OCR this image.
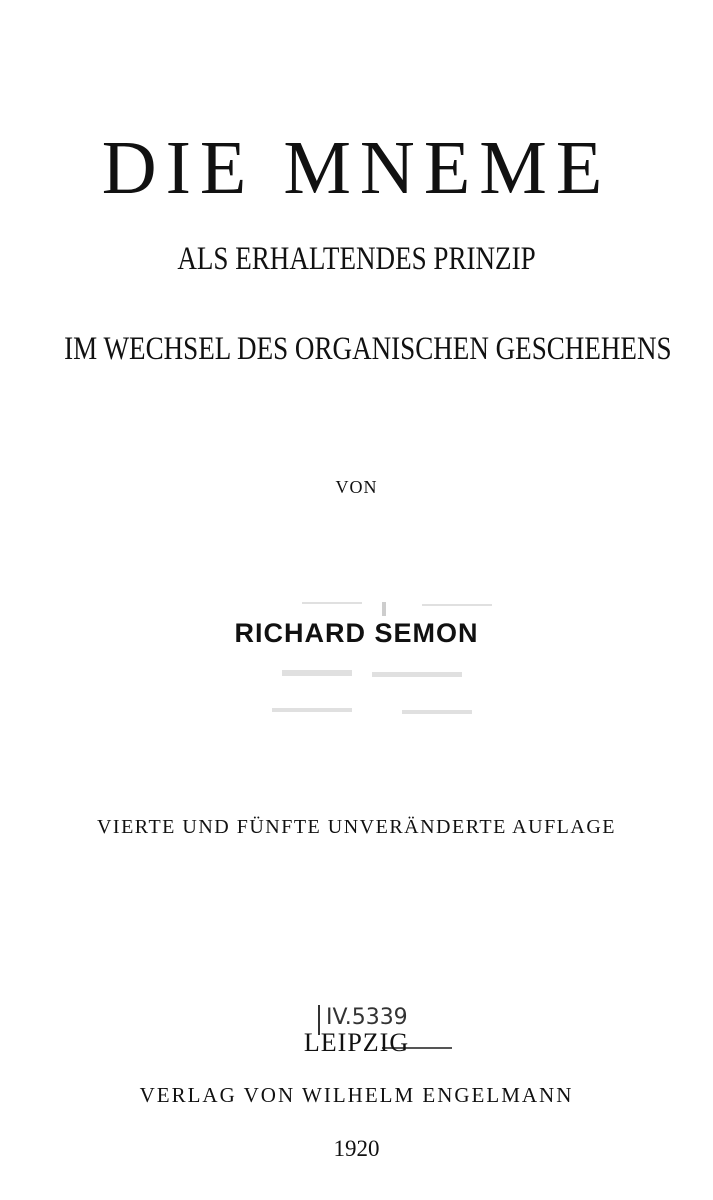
DIE MNEME
ALS ERHALTENDES PRINZIP
IM WECHSEL DES ORGANISCHEN GESCHEHENS
VON
RICHARD SEMON
VIERTE UND FÜNFTE UNVERÄNDERTE AUFLAGE
IV.5339
LEIPZIG
VERLAG VON WILHELM ENGELMANN
1920
